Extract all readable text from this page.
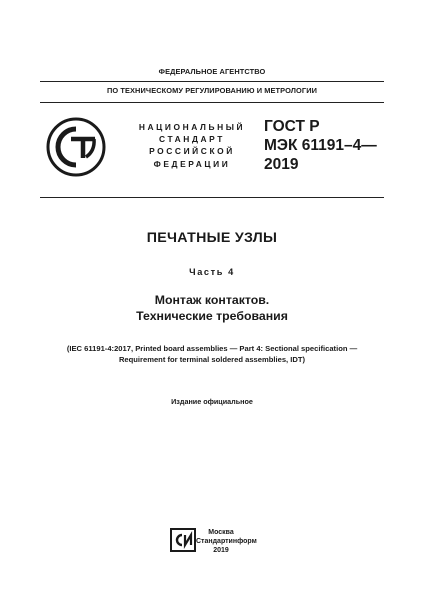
ФЕДЕРАЛЬНОЕ АГЕНТСТВО
ПО ТЕХНИЧЕСКОМУ РЕГУЛИРОВАНИЮ И МЕТРОЛОГИИ
НАЦИОНАЛЬНЫЙ
СТАНДАРТ
РОССИЙСКОЙ
ФЕДЕРАЦИИ
ГОСТ Р
МЭК 61191–4—
2019
ПЕЧАТНЫЕ УЗЛЫ
Часть 4
Монтаж контактов.
Технические требования
(IEC 61191-4:2017, Printed board assemblies — Part 4: Sectional specification —
Requirement for terminal soldered assemblies, IDT)
Издание официальное
Москва
Стандартинформ
2019
